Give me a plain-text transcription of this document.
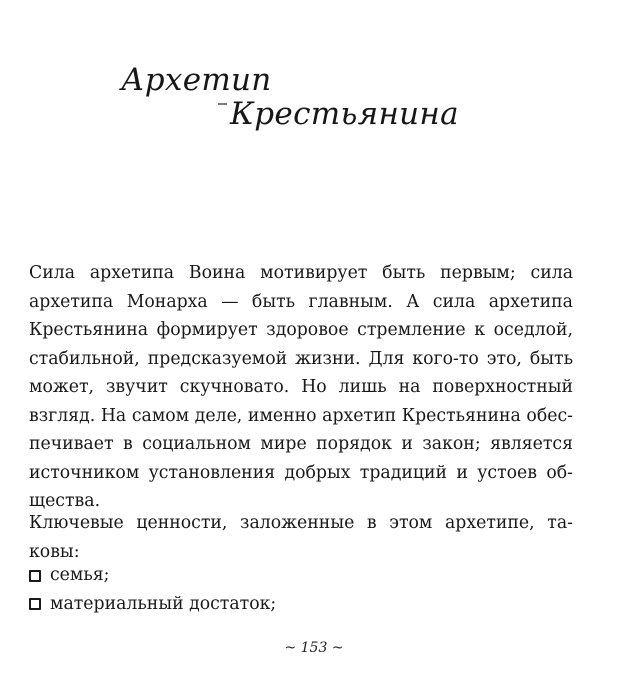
Архетип
Крестьянина
Сила архетипа Воина мотивирует быть первым; сила
архетипа Монарха — быть главным. А сила архетипа
Крестьянина формирует здоровое стремление к оседлой,
стабильной, предсказуемой жизни. Для кого-то это, быть
может, звучит скучновато. Но лишь на поверхностный
взгляд. На самом деле, именно архетип Крестьянина обес-
печивает в социальном мире порядок и закон; является
источником установления добрых традиций и устоев об-
щества.
Ключевые ценности, заложенные в этом архетипе, та-
ковы:
семья;
материальный достаток;
~ 153 ~
